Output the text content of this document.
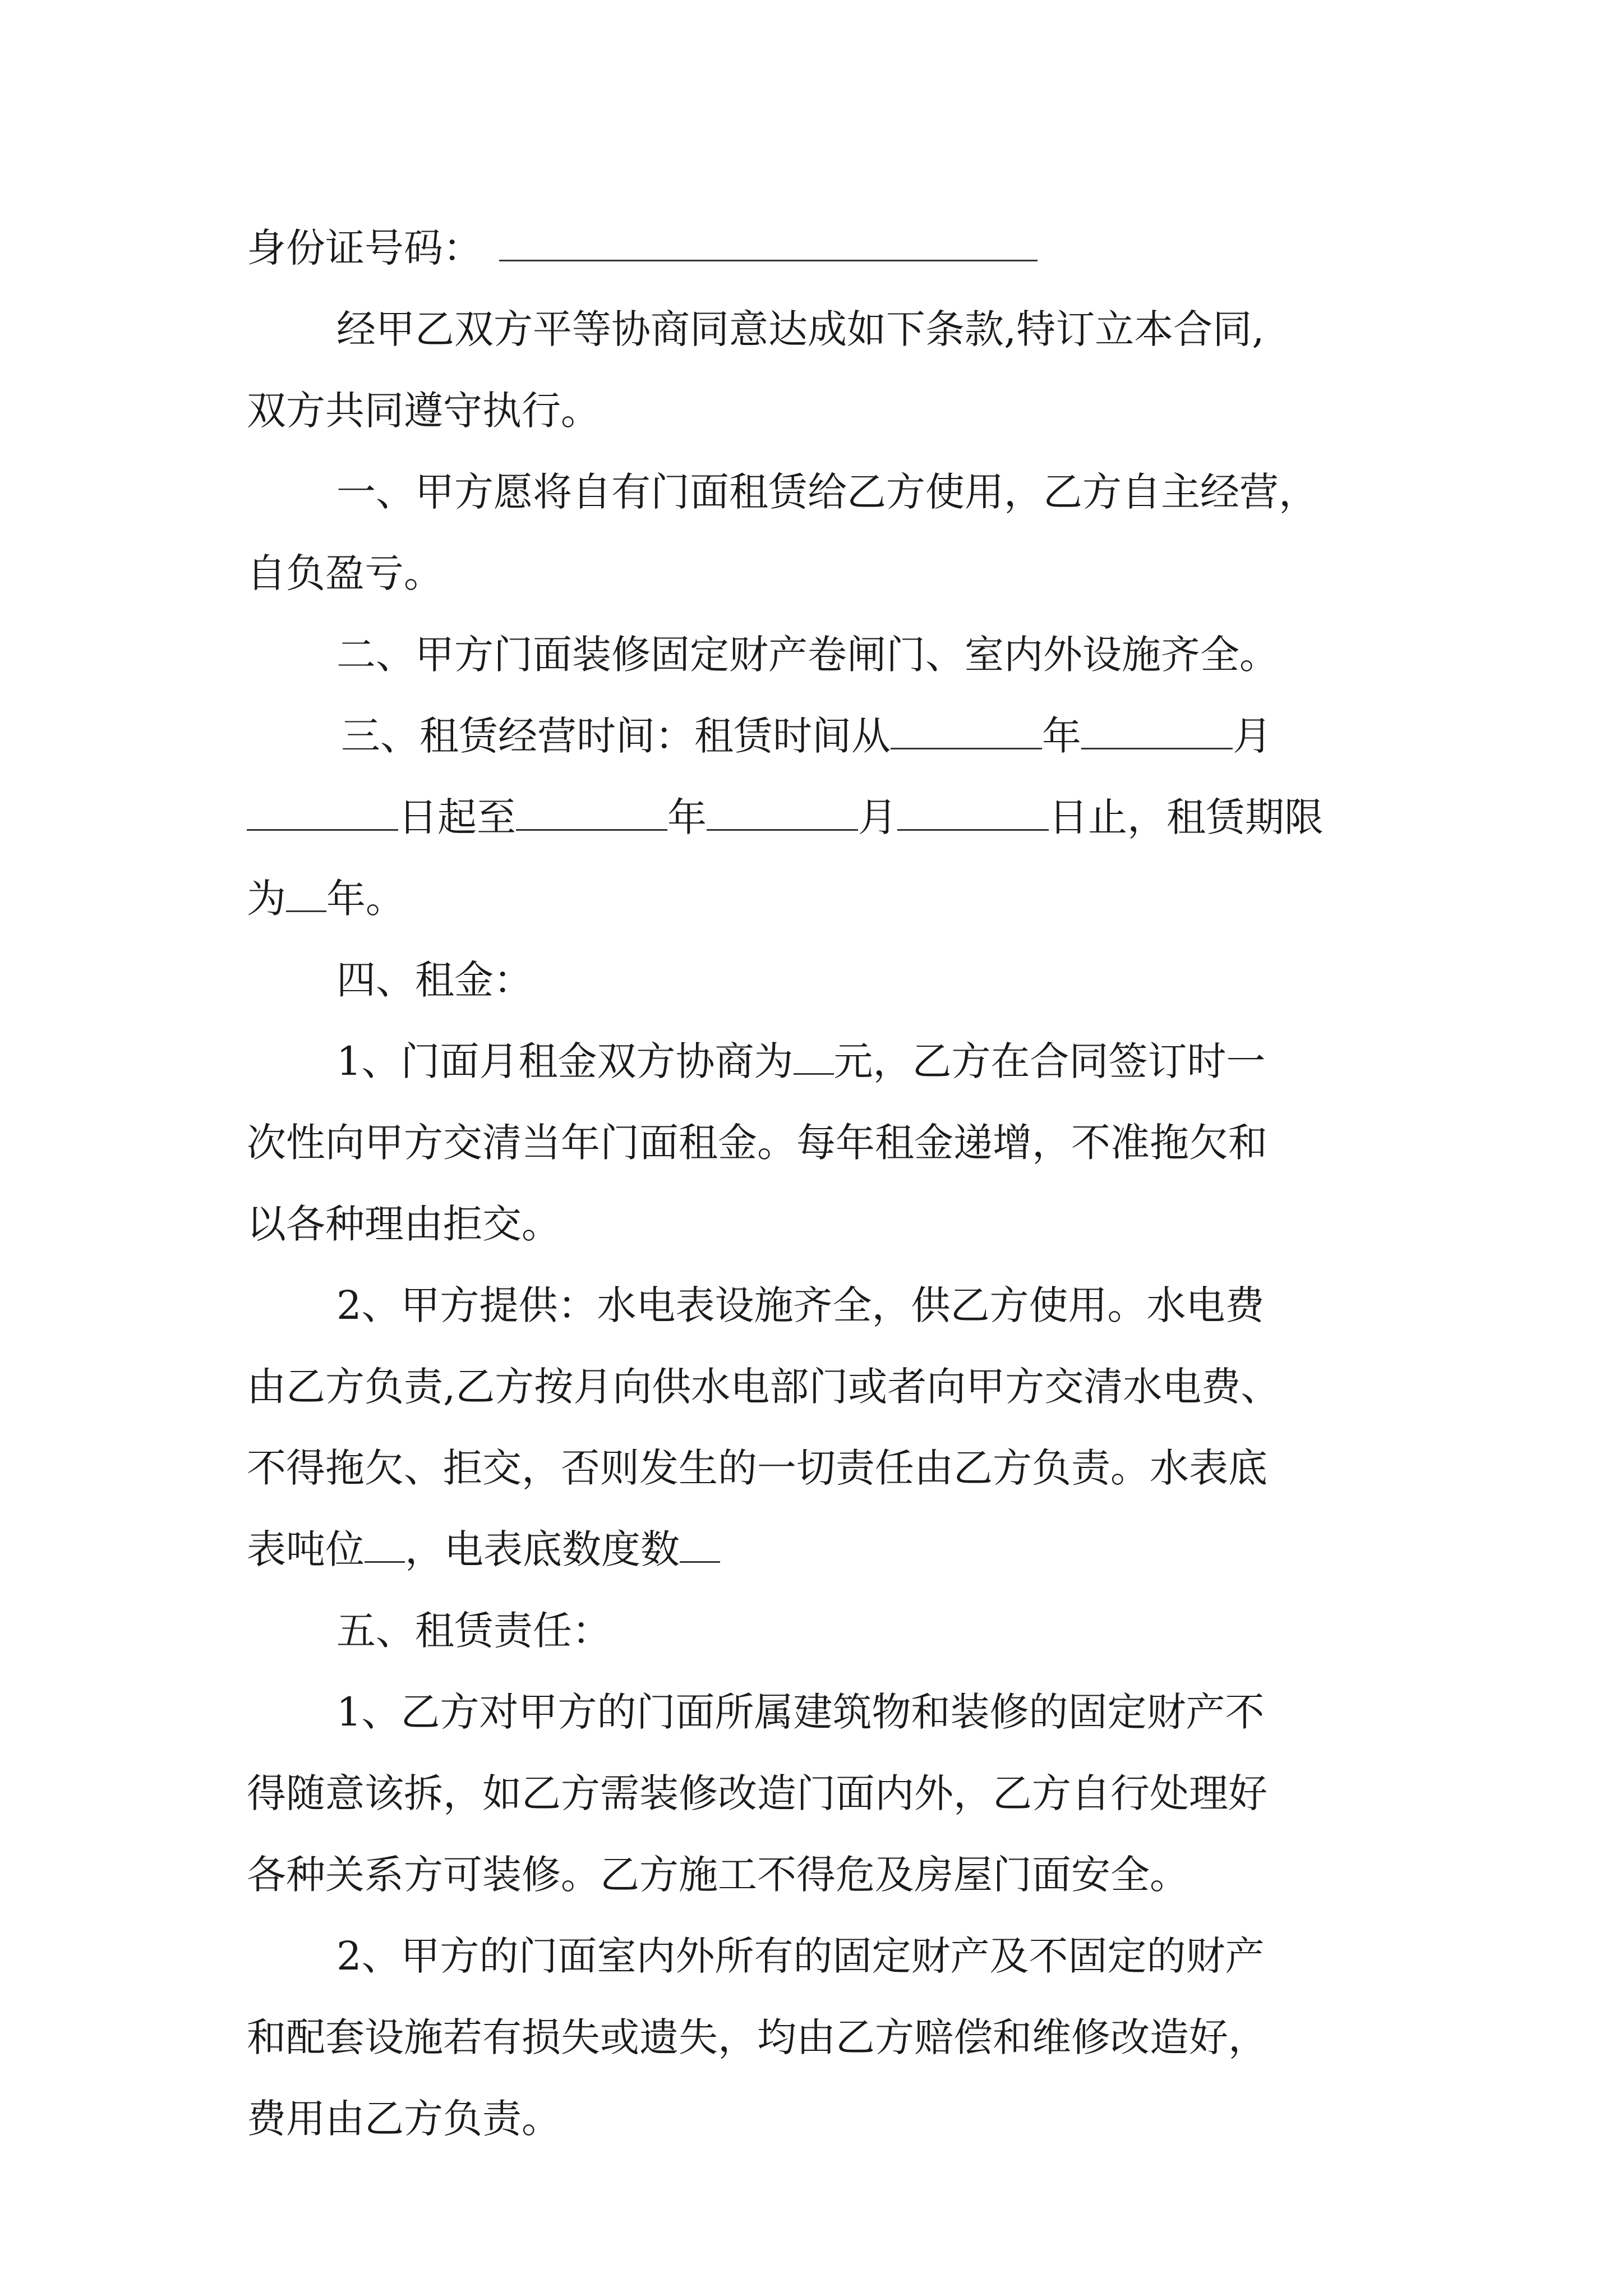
身份证号码：
经甲乙双方平等协商同意达成如下条款,特订立本合同,
双方共同遵守执行。
一、甲方愿将自有门面租赁给乙方使用，乙方自主经营，
自负盈亏。
二、甲方门面装修固定财产卷闸门、室内外设施齐全。
三、租赁经营时间：租赁时间从	年	月
日起至	年	月	日止，租赁期限
为 年。
四、租金：
1、门面月租金双方协商为 元，乙方在合同签订时一
次性向甲方交清当年门面租金。每年租金递增，不准拖欠和
以各种理由拒交。
2、甲方提供：水电表设施齐全，供乙方使用。水电费
由乙方负责,乙方按月向供水电部门或者向甲方交清水电费、
不得拖欠、拒交，否则发生的一切责任由乙方负责。水表底
表吨位 ，电表底数度数
五、租赁责任：
1、乙方对甲方的门面所属建筑物和装修的固定财产不
得随意该拆，如乙方需装修改造门面内外，乙方自行处理好
各种关系方可装修。乙方施工不得危及房屋门面安全。
2、甲方的门面室内外所有的固定财产及不固定的财产
和配套设施若有损失或遗失，均由乙方赔偿和维修改造好，
费用由乙方负责。
